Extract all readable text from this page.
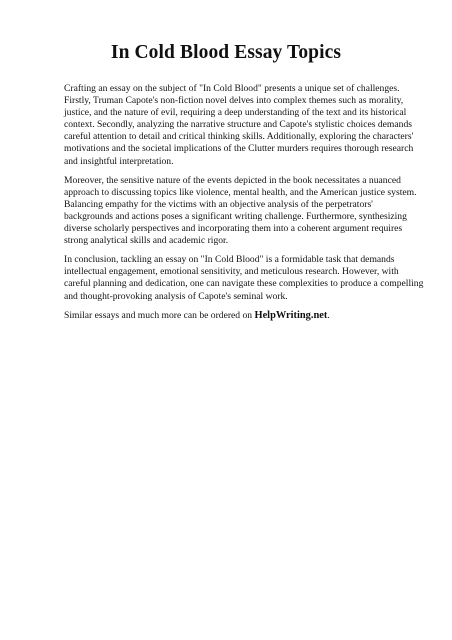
In Cold Blood Essay Topics

Crafting an essay on the subject of "In Cold Blood" presents a unique set of challenges. Firstly, Truman Capote's non-fiction novel delves into complex themes such as morality, justice, and the nature of evil, requiring a deep understanding of the text and its historical context. Secondly, analyzing the narrative structure and Capote's stylistic choices demands careful attention to detail and critical thinking skills. Additionally, exploring the characters' motivations and the societal implications of the Clutter murders requires thorough research and insightful interpretation.

Moreover, the sensitive nature of the events depicted in the book necessitates a nuanced approach to discussing topics like violence, mental health, and the American justice system. Balancing empathy for the victims with an objective analysis of the perpetrators' backgrounds and actions poses a significant writing challenge. Furthermore, synthesizing diverse scholarly perspectives and incorporating them into a coherent argument requires strong analytical skills and academic rigor.

In conclusion, tackling an essay on "In Cold Blood" is a formidable task that demands intellectual engagement, emotional sensitivity, and meticulous research. However, with careful planning and dedication, one can navigate these complexities to produce a compelling and thought-provoking analysis of Capote's seminal work.

Similar essays and much more can be ordered on HelpWriting.net.
